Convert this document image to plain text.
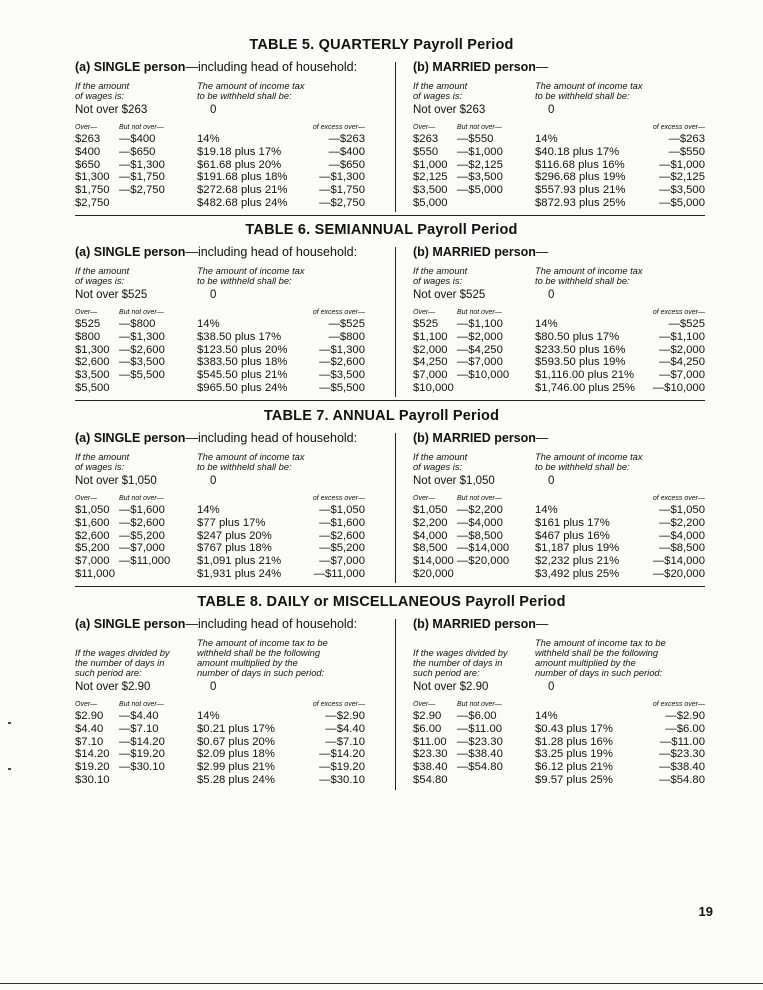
TABLE 5. QUARTERLY Payroll Period
(a) SINGLE person—including head of household:
If the amount
of wages is:
The amount of income tax
to be withheld shall be:
Not over $263	0
Over—	But not over—	of excess over—
$263 —$400	14%	—$263
$400 —$650	$19.18 plus 17%	—$400
$650 —$1,300	$61.68 plus 20%	—$650
$1,300 —$1,750	$191.68 plus 18%	—$1,300
$1,750 —$2,750	$272.68 plus 21%	—$1,750
$2,750	$482.68 plus 24%	—$2,750
(b) MARRIED person—
If the amount
of wages is:
The amount of income tax
to be withheld shall be:
Not over $263	0
Over—	But not over—	of excess over—
$263 —$550	14%	—$263
$550 —$1,000	$40.18 plus 17%	—$550
$1,000 —$2,125	$116.68 plus 16%	—$1,000
$2,125 —$3,500	$296.68 plus 19%	—$2,125
$3,500 —$5,000	$557.93 plus 21%	—$3,500
$5,000	$872.93 plus 25%	—$5,000
TABLE 6. SEMIANNUAL Payroll Period
(a) SINGLE person—including head of household:
If the amount
of wages is:
The amount of income tax
to be withheld shall be:
Not over $525	0
Over—	But not over—	of excess over—
$525 —$800	14%	—$525
$800 —$1,300	$38.50 plus 17%	—$800
$1,300 —$2,600	$123.50 plus 20%	—$1,300
$2,600 —$3,500	$383.50 plus 18%	—$2,600
$3,500 —$5,500	$545.50 plus 21%	—$3,500
$5,500	$965.50 plus 24%	—$5,500
(b) MARRIED person—
If the amount
of wages is:
The amount of income tax
to be withheld shall be:
Not over $525	0
Over—	But not over—	of excess over—
$525 —$1,100	14%	—$525
$1,100 —$2,000	$80.50 plus 17%	—$1,100
$2,000 —$4,250	$233.50 plus 16%	—$2,000
$4,250 —$7,000	$593.50 plus 19%	—$4,250
$7,000 —$10,000 $1,116.00 plus 21% —$7,000
$10,000	$1,746.00 plus 25% —$10,000
TABLE 7. ANNUAL Payroll Period
(a) SINGLE person—including head of household:
If the amount
of wages is:
The amount of income tax
to be withheld shall be:
Not over $1,050	0
Over—	But not over—	of excess over—
$1,050 —$1,600	14%	—$1,050
$1,600 —$2,600	$77 plus 17%	—$1,600
$2,600 —$5,200	$247 plus 20%	—$2,600
$5,200 —$7,000	$767 plus 18%	—$5,200
$7,000 —$11,000 $1,091 plus 21%	—$7,000
$11,000	$1,931 plus 24%	—$11,000
(b) MARRIED person—
If the amount
of wages is:
The amount of income tax
to be withheld shall be:
Not over $1,050	0
Over—	But not over—	of excess over—
$1,050 —$2,200	14%	—$1,050
$2,200 —$4,000	$161 plus 17%	—$2,200
$4,000 —$8,500	$467 plus 16%	—$4,000
$8,500 —$14,000 $1,187 plus 19%	—$8,500
$14,000 —$20,000 $2,232 plus 21%	—$14,000
$20,000	$3,492 plus 25%	—$20,000
TABLE 8. DAILY or MISCELLANEOUS Payroll Period
(a) SINGLE person—including head of household:
If the wages divided by
the number of days in
such period are:
The amount of income tax to be
withheld shall be the following
amount multiplied by the
number of days in such period:
Not over $2.90	0
Over—	But not over—	of excess over—
$2.90 —$4.40	14%	—$2.90
$4.40 —$7.10	$0.21 plus 17%	—$4.40
$7.10 —$14.20	$0.67 plus 20%	—$7.10
$14.20 —$19.20	$2.09 plus 18%	—$14.20
$19.20 —$30.10	$2.99 plus 21%	—$19.20
$30.10	$5.28 plus 24%	—$30.10
(b) MARRIED person—
If the wages divided by
the number of days in
such period are:
The amount of income tax to be
withheld shall be the following
amount multiplied by the
number of days in such period:
Not over $2.90	0
Over—	But not over—	of excess over—
$2.90 —$6.00	14%	—$2.90
$6.00 —$11.00	$0.43 plus 17%	—$6.00
$11.00 —$23.30	$1.28 plus 16%	—$11.00
$23.30 —$38.40	$3.25 plus 19%	—$23.30
$38.40 —$54.80	$6.12 plus 21%	—$38.40
$54.80	$9.57 plus 25%	—$54.80
19
